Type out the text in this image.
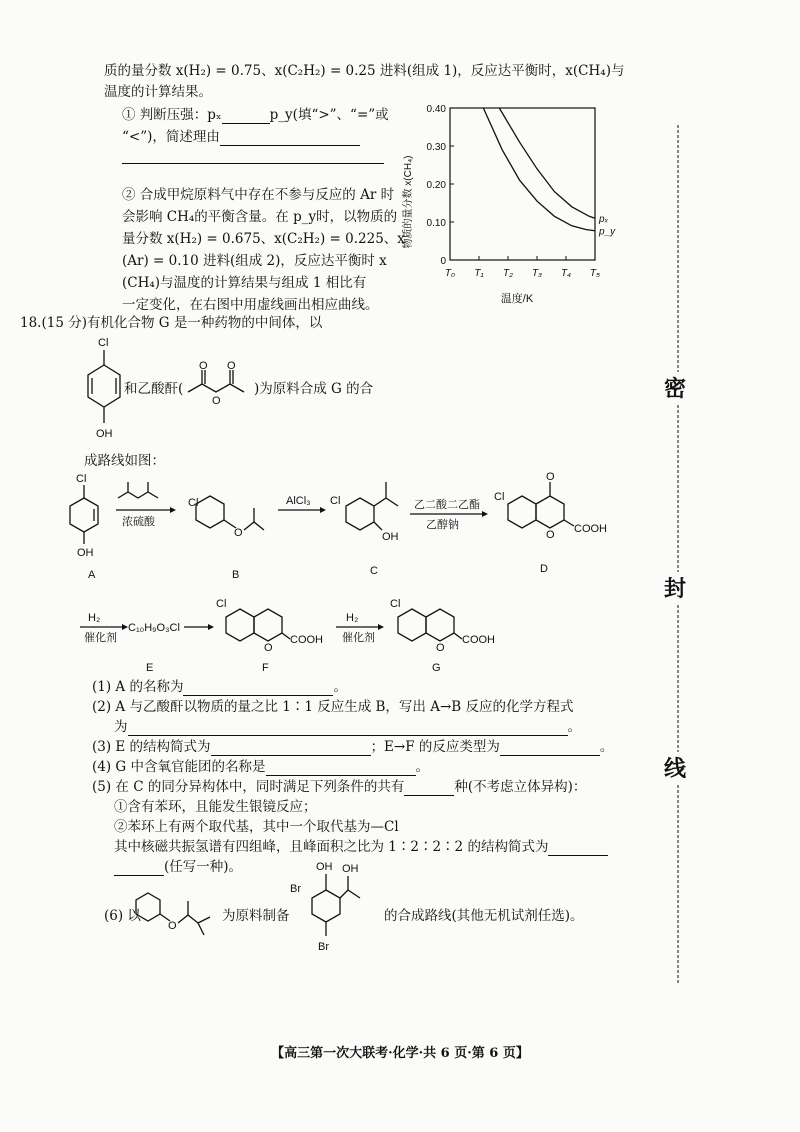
质的量分数 x(H₂) = 0.75、x(C₂H₂) = 0.25 进料(组成 1)，反应达平衡时，x(CH₄)与
温度的计算结果。
① 判断压强：pₓ	p_y(填“>”、“=”或
“<”)，简述理由
② 合成甲烷原料气中存在不参与反应的 Ar 时
会影响 CH₄的平衡含量。在 p_y时，以物质的
量分数 x(H₂) = 0.675、x(C₂H₂) = 0.225、x
(Ar) = 0.10 进料(组成 2)，反应达平衡时 x
(CH₄)与温度的计算结果与组成 1 相比有
一定变化，在右图中用虚线画出相应曲线。
物质的量分数 x(CH₄)
温度/K
0
0.10
0.20
0.30
0.40
T₀ T₁ T₂ T₃ T₄ T₅
pₓ
p_y
18.(15 分)有机化合物 G 是一种药物的中间体，以
Cl
OH
和乙酸酐(
O O
O
)为原料合成 G 的合
成路线如图：
Cl
OH
浓硫酸
Cl
O
AlCl₃ Cl
OH
乙二酸二乙酯
乙醇钠
Cl
O
O COOH
A	B	C	D
H₂
催化剂
C₁₀H₉O₃Cl
Cl
O
COOH
H₂
催化剂
Cl
O
COOH
E	F	G
(1) A 的名称为	。
(2) A 与乙酸酐以物质的量之比 1∶1 反应生成 B，写出 A→B 反应的化学方程式
为	。
(3) E 的结构简式为	；E→F 的反应类型为	。
(4) G 中含氧官能团的名称是	。
(5) 在 C 的同分异构体中，同时满足下列条件的共有	种(不考虑立体异构)：
①含有苯环，且能发生银镜反应；
②苯环上有两个取代基，其中一个取代基为—Cl
其中核磁共振氢谱有四组峰，且峰面积之比为 1∶2∶2∶2 的结构简式为
(任写一种)。
(6) 以
O
为原料制备
OH OH
Br
Br
的合成路线(其他无机试剂任选)。
密
封
线
【高三第一次大联考·化学·共 6 页·第 6 页】
